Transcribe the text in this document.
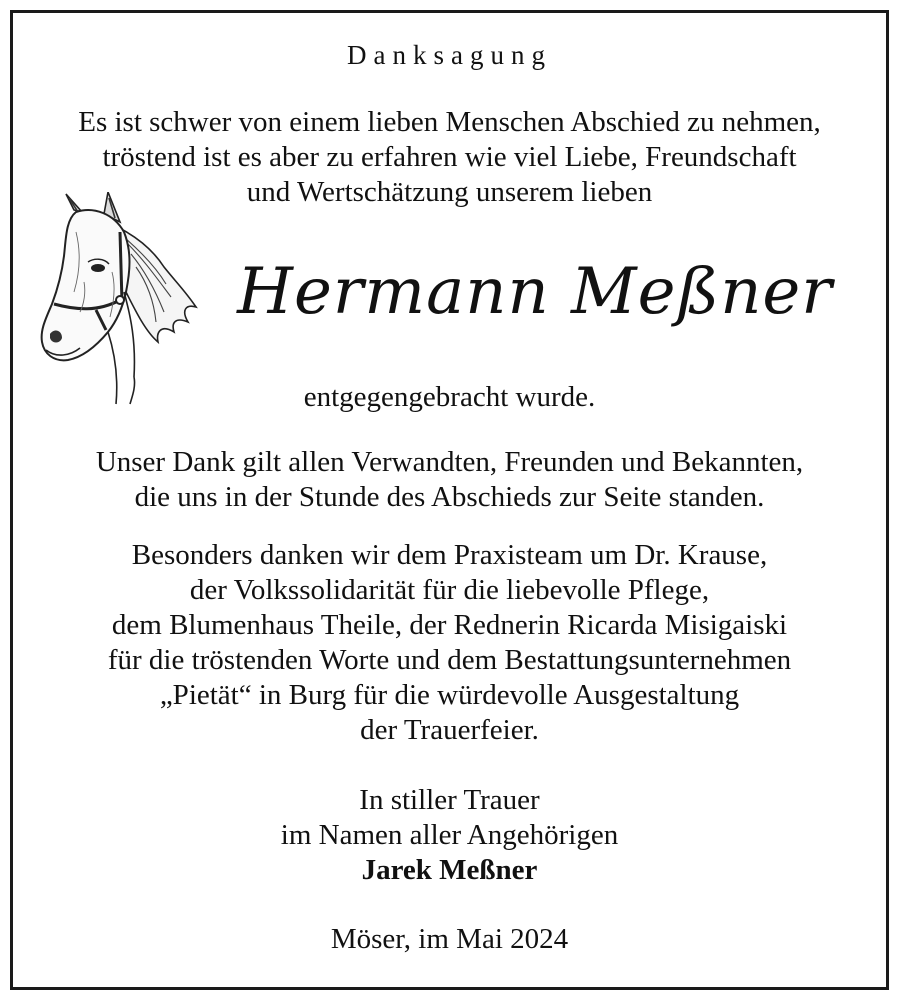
Danksagung
Es ist schwer von einem lieben Menschen Abschied zu nehmen,
tröstend ist es aber zu erfahren wie viel Liebe, Freundschaft
und Wertschätzung unserem lieben
Hermann Meßner
entgegengebracht wurde.
Unser Dank gilt allen Verwandten, Freunden und Bekannten,
die uns in der Stunde des Abschieds zur Seite standen.
Besonders danken wir dem Praxisteam um Dr. Krause,
der Volkssolidarität für die liebevolle Pflege,
dem Blumenhaus Theile, der Rednerin Ricarda Misigaiski
für die tröstenden Worte und dem Bestattungsunternehmen
„Pietät“ in Burg für die würdevolle Ausgestaltung
der Trauerfeier.
In stiller Trauer
im Namen aller Angehörigen
Jarek Meßner
Möser, im Mai 2024
